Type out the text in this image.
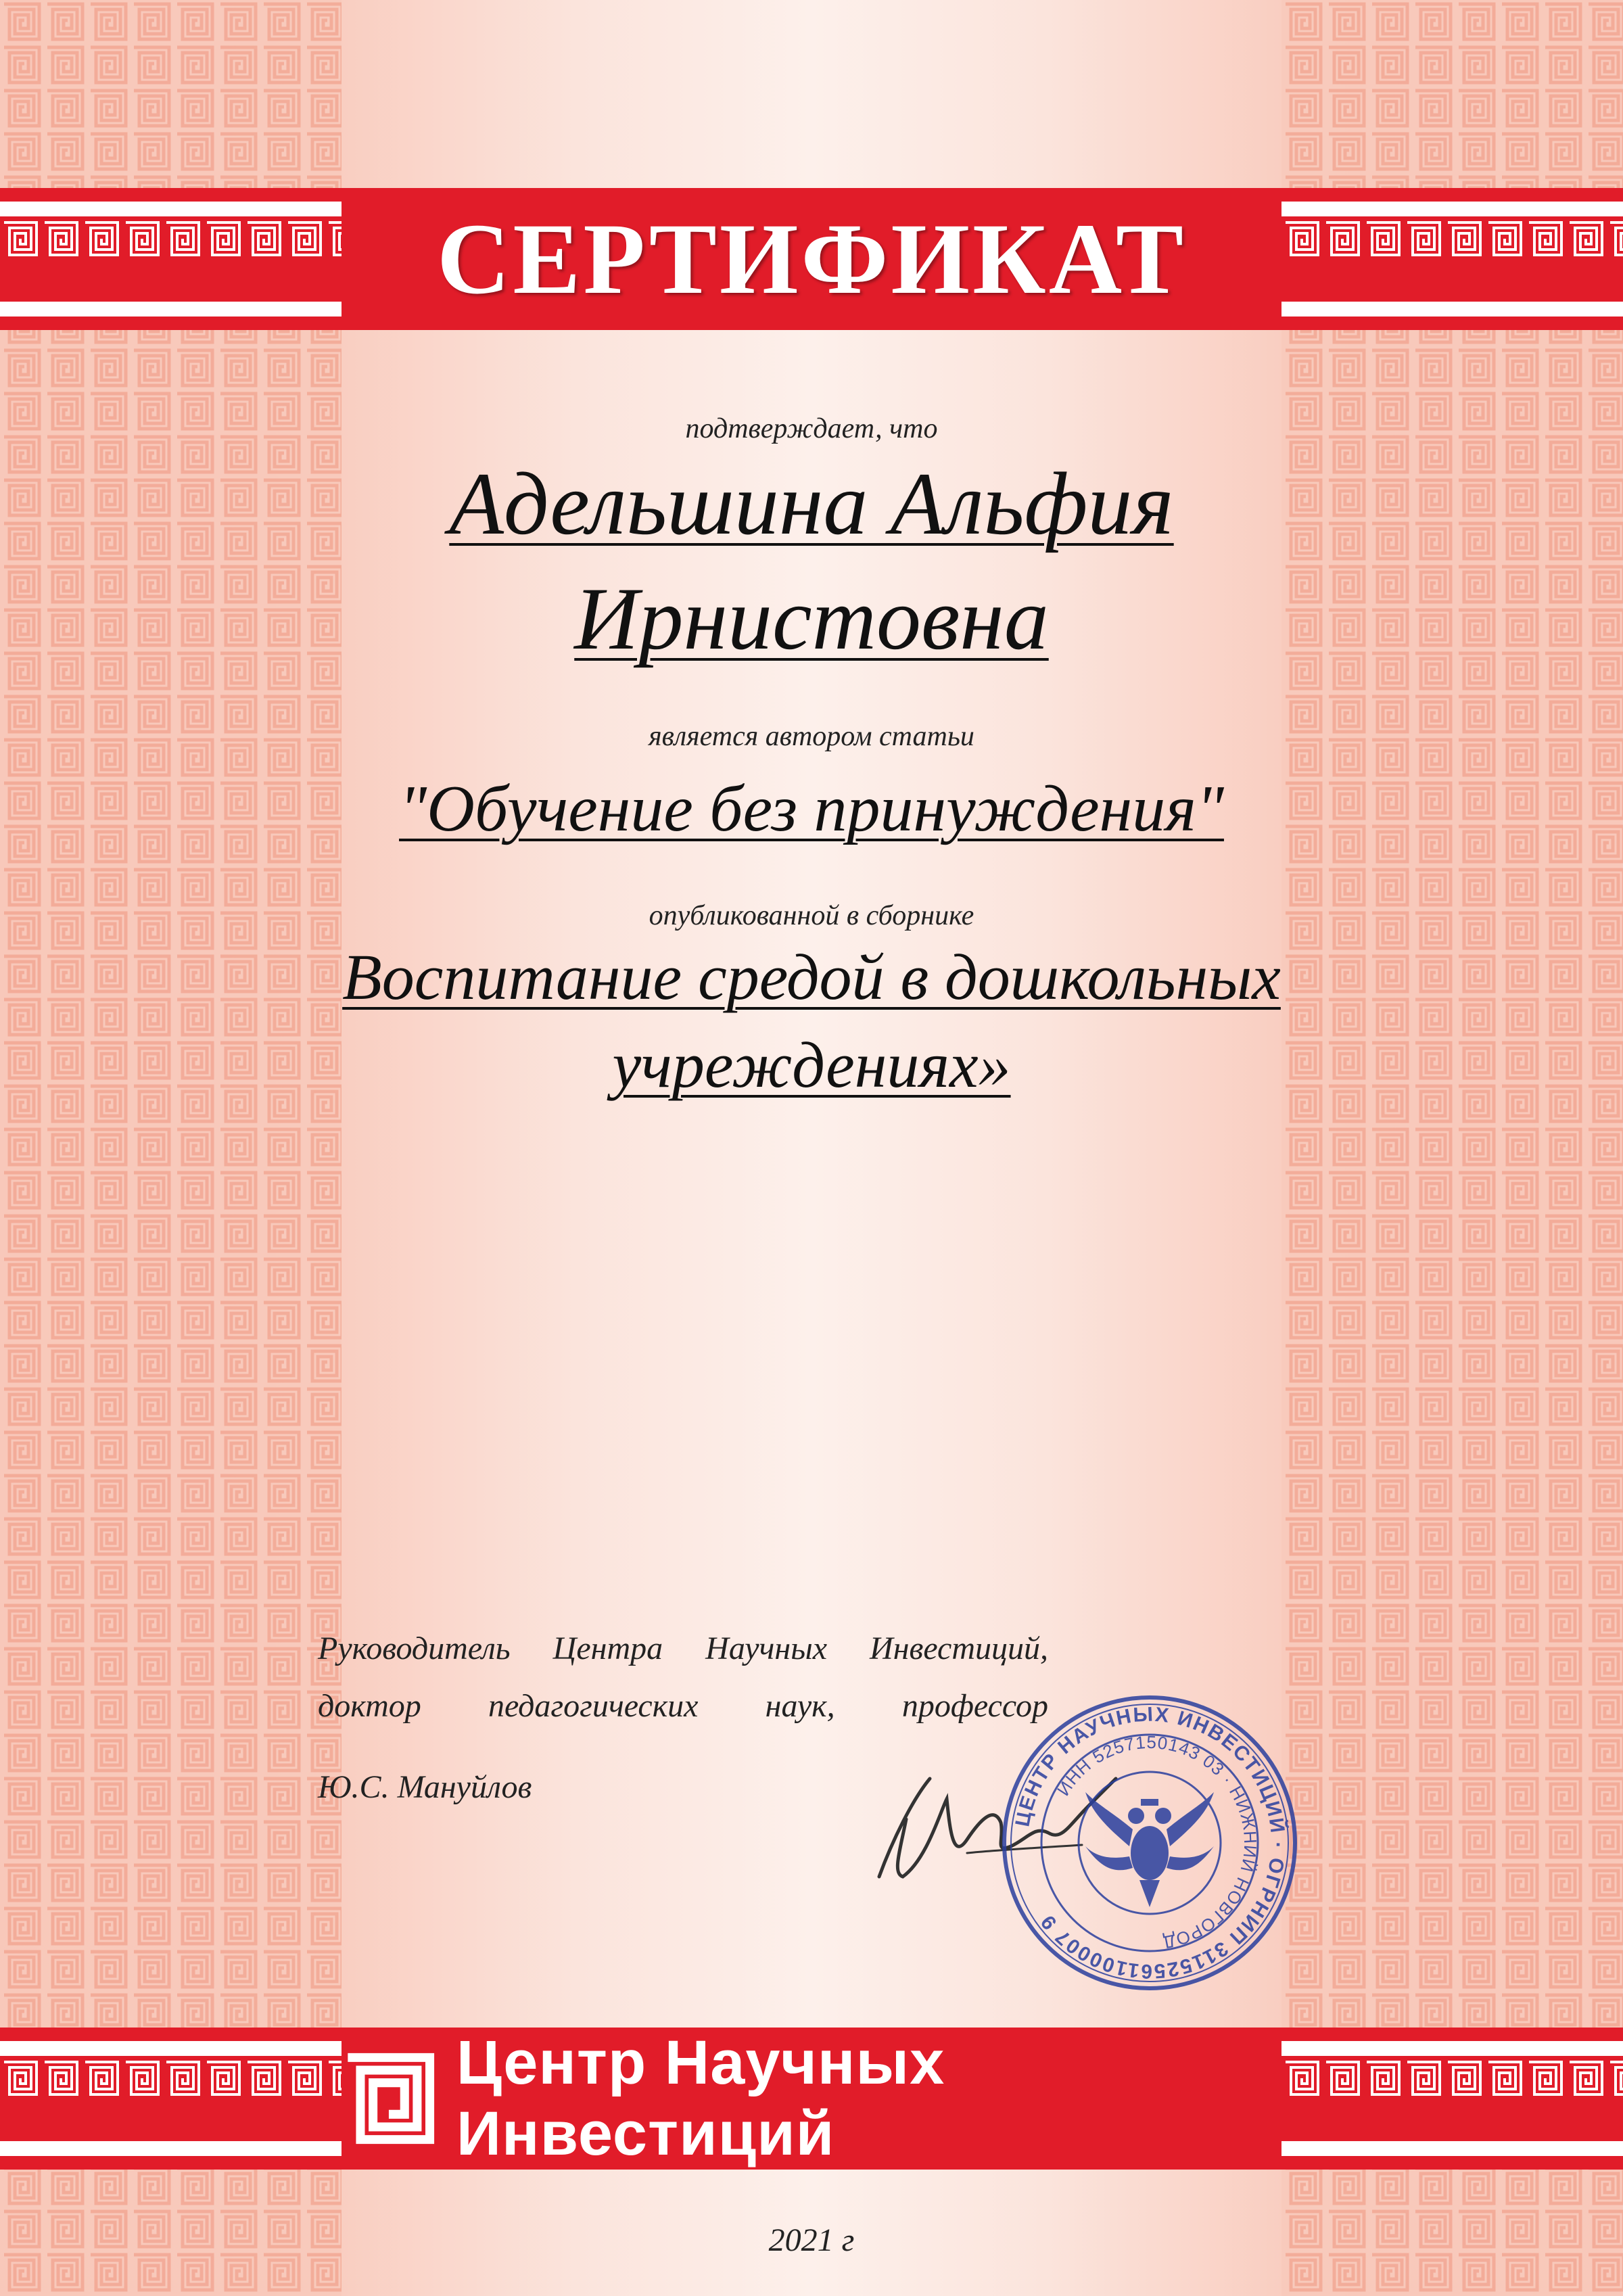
СЕРТИФИКАТ
подтверждает, что
Адельшина Альфия
Ирнистовна
является автором статьи
"Обучение без принуждения"
опубликованной в сборнике
Воспитание средой в дошкольных
учреждениях»
Руководитель Центра Научных Инвестиций,
доктор педагогических наук, профессор
Ю.С. Мануйлов
ЦЕНТР НАУЧНЫХ ИНВЕСТИЦИЙ · ОГРНИП 31152561100007 9
ИНН 5257150143 03 · НИЖНИЙ НОВГОРОД
Центр Научных Инвестиций
2021 г
